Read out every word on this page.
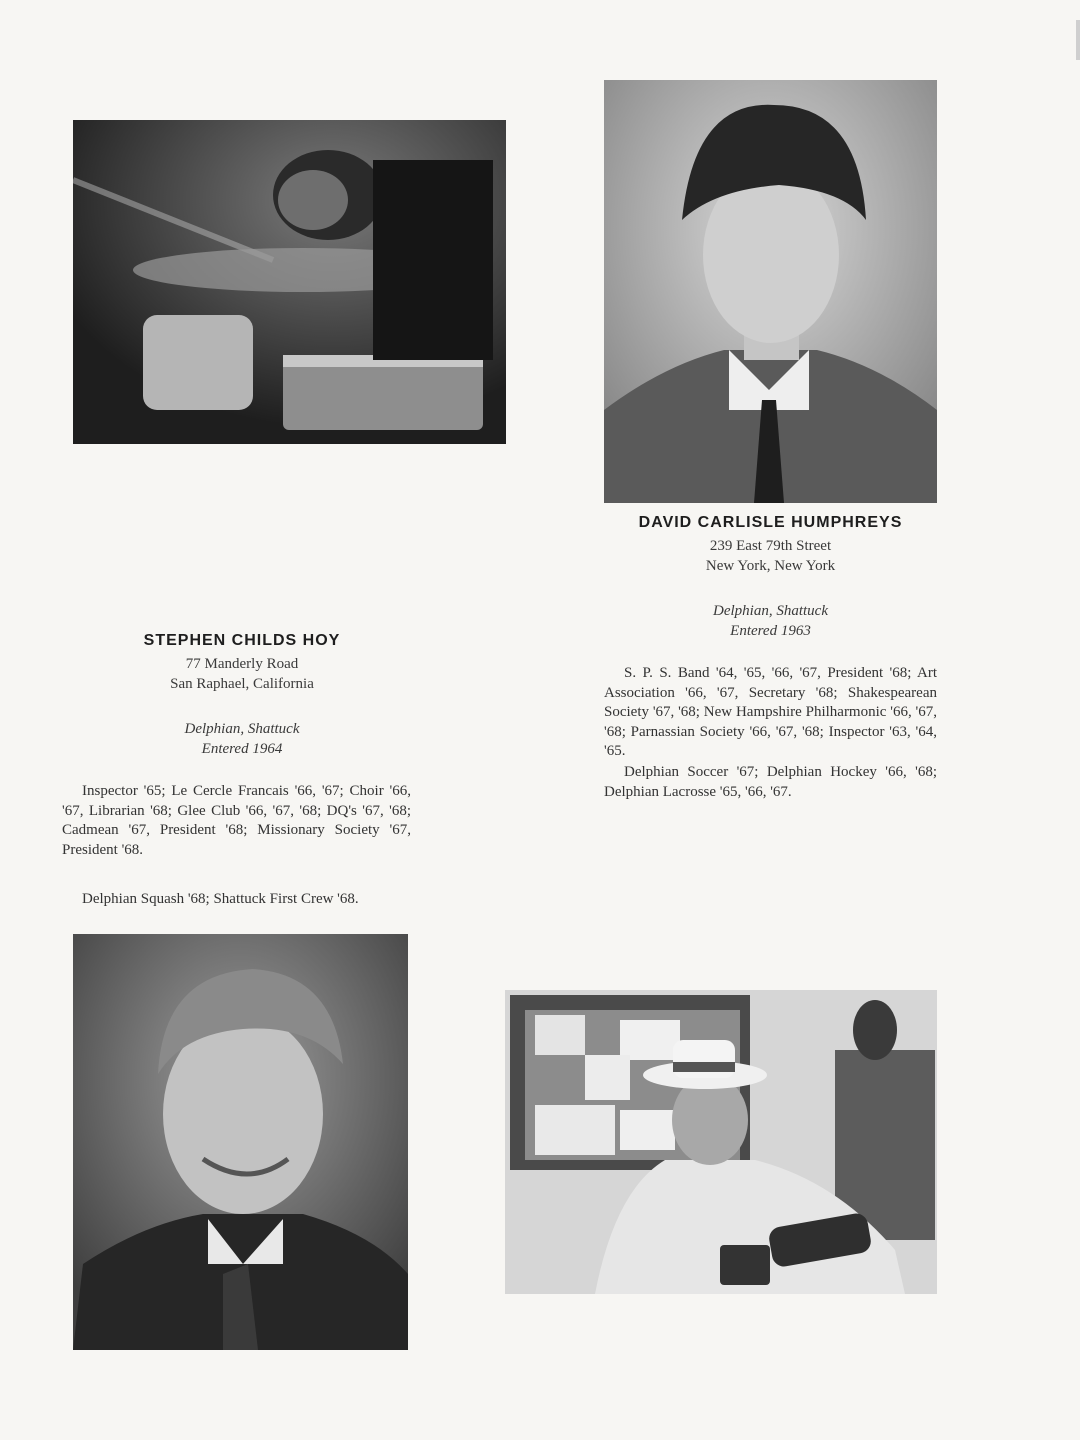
DAVID CARLISLE HUMPHREYS
239 East 79th Street
New York, New York
Delphian, Shattuck
Entered 1963

S. P. S. Band '64, '65, '66, '67, President '68; Art Association '66, '67, Secretary '68; Shakespearean Society '67, '68; New Hampshire Philharmonic '66, '67, '68; Parnassian Society '66, '67, '68; Inspector '63, '64, '65.

Delphian Soccer '67; Delphian Hockey '66, '68; Delphian Lacrosse '65, '66, '67.

STEPHEN CHILDS HOY
77 Manderly Road
San Raphael, California
Delphian, Shattuck
Entered 1964

Inspector '65; Le Cercle Francais '66, '67; Choir '66, '67, Librarian '68; Glee Club '66, '67, '68; DQ's '67, '68; Cadmean '67, President '68; Missionary Society '67, President '68.

Delphian Squash '68; Shattuck First Crew '68.
